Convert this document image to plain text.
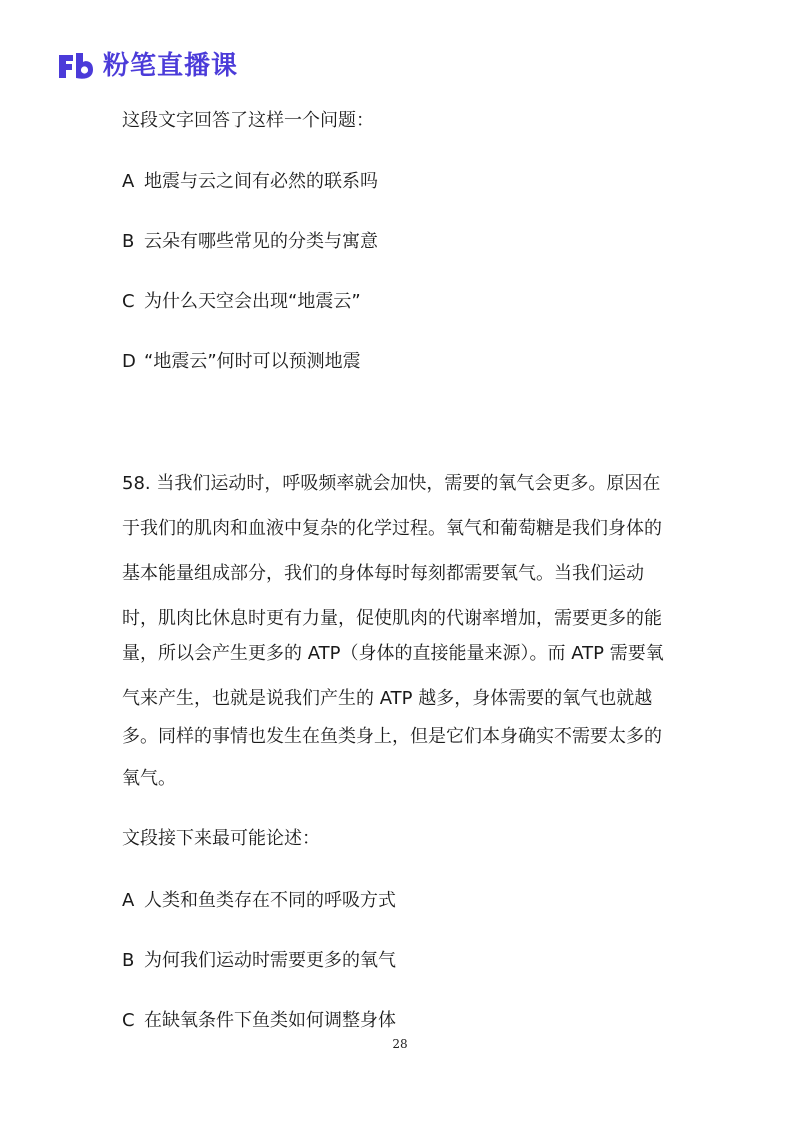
粉笔直播课
这段文字回答了这样一个问题：
A 地震与云之间有必然的联系吗
B 云朵有哪些常见的分类与寓意
C 为什么天空会出现“地震云”
D “地震云”何时可以预测地震
58. 当我们运动时，呼吸频率就会加快，需要的氧气会更多。原因在
于我们的肌肉和血液中复杂的化学过程。氧气和葡萄糖是我们身体的
基本能量组成部分，我们的身体每时每刻都需要氧气。当我们运动
时，肌肉比休息时更有力量，促使肌肉的代谢率增加，需要更多的能
量，所以会产生更多的 ATP（身体的直接能量来源）。而 ATP 需要氧
气来产生，也就是说我们产生的 ATP 越多，身体需要的氧气也就越
多。同样的事情也发生在鱼类身上，但是它们本身确实不需要太多的
氧气。
文段接下来最可能论述：
A 人类和鱼类存在不同的呼吸方式
B 为何我们运动时需要更多的氧气
C 在缺氧条件下鱼类如何调整身体
28
